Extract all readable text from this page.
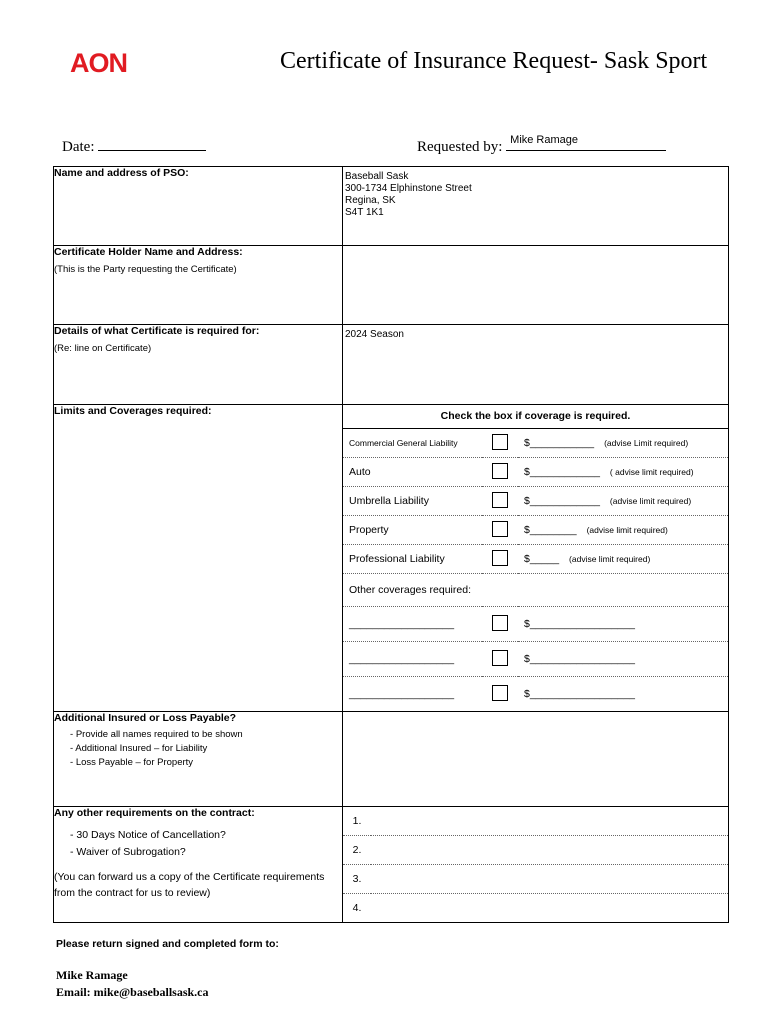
AON	Certificate of Insurance Request- Sask Sport
Date:	Requested by: Mike Ramage
Name and address of PSO:	Baseball Sask
300-1734 Elphinstone Street
Regina, SK
S4T 1K1

Certificate Holder Name and Address:
(This is the Party requesting the Certificate)

Details of what Certificate is required for:
(Re: line on Certificate)

2024 Season

Limits and Coverages required:	Check the box if coverage is required.
Commercial General Liability		$___________ (advise Limit required)
Auto		$____________ ( advise limit required)
Umbrella Liability		$____________ (advise limit required)
Property		$________ (advise limit required)
Professional Liability		$_____ (advise limit required)
Other coverages required:
__________________		$__________________
__________________		$__________________
__________________		$__________________

Additional Insured or Loss Payable?
- Provide all names required to be shown
- Additional Insured – for Liability
- Loss Payable – for Property

Any other requirements on the contract:
- 30 Days Notice of Cancellation?
- Waiver of Subrogation?
(You can forward us a copy of the Certificate requirements from the contract for us to review)

1.	
2.	
3.	
4.	
Please return signed and completed form to:
Mike Ramage
Email: mike@baseballsask.ca
